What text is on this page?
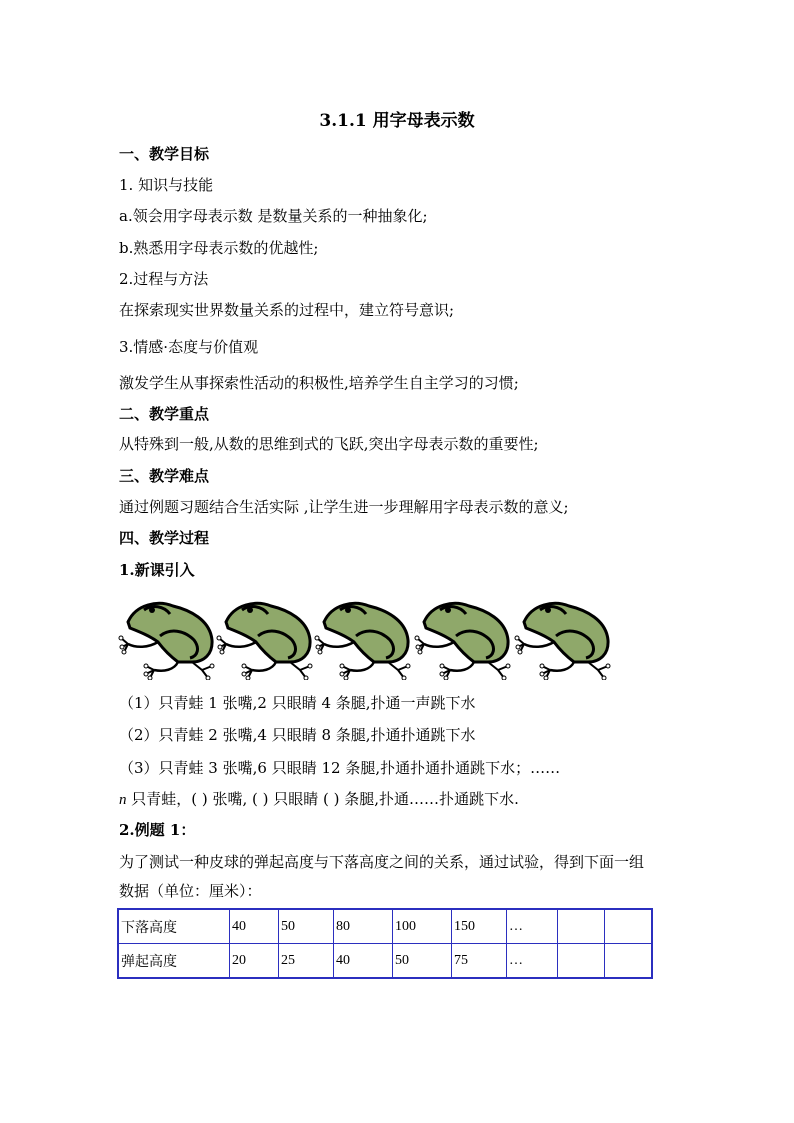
3.1.1 用字母表示数
一、教学目标
1. 知识与技能
a.领会用字母表示数 是数量关系的一种抽象化;
b.熟悉用字母表示数的优越性;
2.过程与方法
在探索现实世界数量关系的过程中，建立符号意识;
3.情感·态度与价值观
激发学生从事探索性活动的积极性,培养学生自主学习的习惯;
二、教学重点
从特殊到一般,从数的思维到式的飞跃,突出字母表示数的重要性;
三、教学难点
通过例题习题结合生活实际 ,让学生进一步理解用字母表示数的意义;
四、教学过程
1.新课引入
（1）只青蛙 1 张嘴,2 只眼睛 4 条腿,扑通一声跳下水
（2）只青蛙 2 张嘴,4 只眼睛 8 条腿,扑通扑通跳下水
（3）只青蛙 3 张嘴,6 只眼睛 12 条腿,扑通扑通扑通跳下水；……
n 只青蛙，( ) 张嘴, ( ) 只眼睛 ( ) 条腿,扑通……扑通跳下水.
2.例题 1：
为了测试一种皮球的弹起高度与下落高度之间的关系，通过试验，得到下面一组
数据（单位：厘米）：
下落高度	40	50	80	100	150	…		
弹起高度	20	25	40	50	75	…		
